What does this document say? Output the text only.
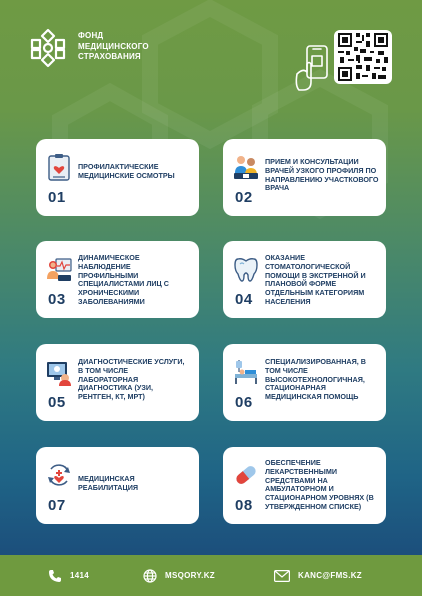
ФОНД
МЕДИЦИНСКОГО
СТРАХОВАНИЯ
ПРОФИЛАКТИЧЕСКИЕ МЕДИЦИНСКИЕ ОСМОТРЫ
01
ПРИЕМ И КОНСУЛЬТАЦИИ ВРАЧЕЙ УЗКОГО ПРОФИЛЯ ПО НАПРАВЛЕНИЮ УЧАСТКОВОГО ВРАЧА
02
ДИНАМИЧЕСКОЕ НАБЛЮДЕНИЕ ПРОФИЛЬНЫМИ СПЕЦИАЛИСТАМИ ЛИЦ С ХРОНИЧЕСКИМИ ЗАБОЛЕВАНИЯМИ
03
ОКАЗАНИЕ СТОМАТОЛОГИЧЕСКОЙ ПОМОЩИ В ЭКСТРЕННОЙ И ПЛАНОВОЙ ФОРМЕ ОТДЕЛЬНЫМ КАТЕГОРИЯМ НАСЕЛЕНИЯ
04
ДИАГНОСТИЧЕСКИЕ УСЛУГИ, В ТОМ ЧИСЛЕ ЛАБОРАТОРНАЯ ДИАГНОСТИКА (УЗИ, РЕНТГЕН, КТ, МРТ)
05
СПЕЦИАЛИЗИРОВАННАЯ, В ТОМ ЧИСЛЕ ВЫСОКОТЕХНОЛОГИЧНАЯ, СТАЦИОНАРНАЯ МЕДИЦИНСКАЯ ПОМОЩЬ
06
МЕДИЦИНСКАЯ РЕАБИЛИТАЦИЯ
07
ОБЕСПЕЧЕНИЕ ЛЕКАРСТВЕННЫМИ СРЕДСТВАМИ НА АМБУЛАТОРНОМ И СТАЦИОНАРНОМ УРОВНЯХ (В УТВЕРЖДЕННОМ СПИСКЕ)
08
1414	MSQORY.KZ	KANC@FMS.KZ
